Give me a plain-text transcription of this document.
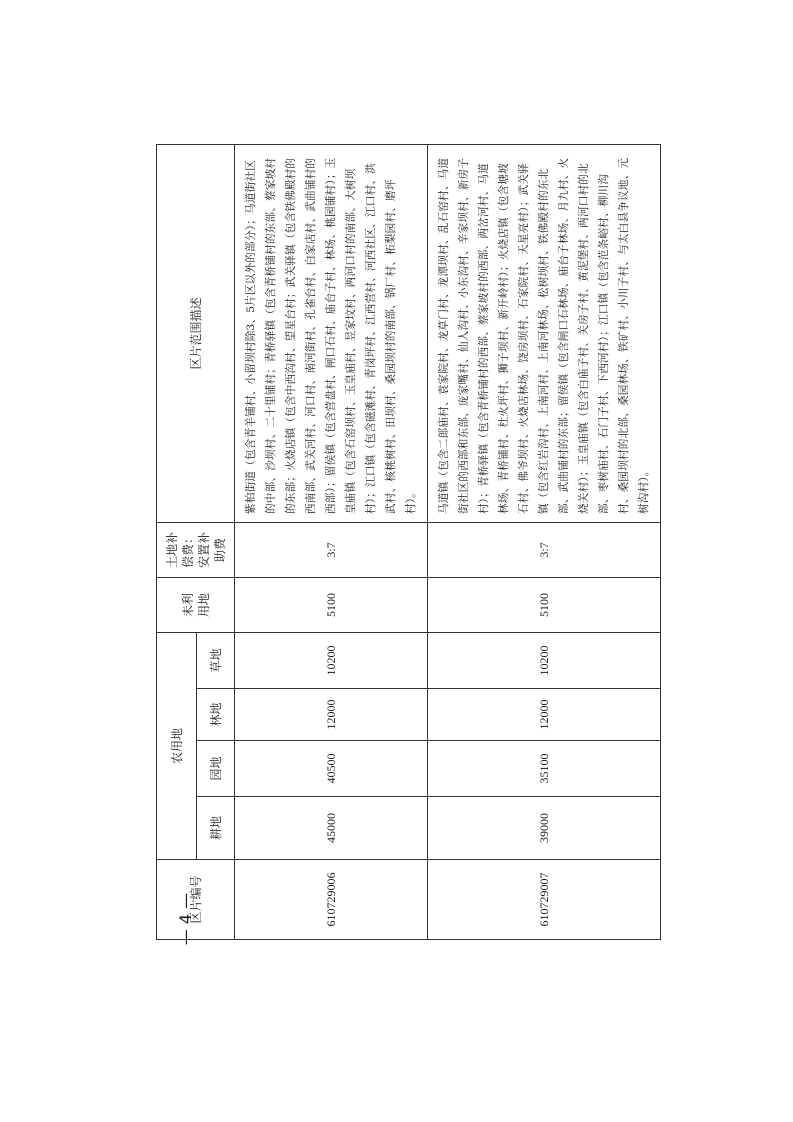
区片编号	农用地				未利用地	土地补偿费：安置补助费	区片范围描述
	耕地	园地	林地	草地			
610729006	45000	40500	12000	10200	5100	3:7	紫柏街道（包含青羊铺村、小留坝村除3、5片区以外的部分）；马道街社区的中部、沙坝村、二十里铺村；青桥驿镇（包含青桥铺村的东部、蔡家坡村的东部；火烧店镇（包含中西沟村、望星台村；武关驿镇（包含铁佛殿村的西南部、武关河村、河口村、南河街村、孔雀台村、白家店村、武曲铺村的西部）；留侯镇（包含营盘村、闸口石村、庙台子村、林场、桃园铺村）；玉皇庙镇（包含石窑坝村、玉皇庙村、昱家坟村、两河口村的南部、大树坝村）；江口镇（包含磁滩村、青岗坪村、江西营村、河西社区、江口村、洪武村、核桃树村、田坝村、桑园坝村的南部、锅厂村、柘梨园村、磨坪村）。
610729007	39000	35100	12000	10200	5100	3:7	马道镇（包含二郎庙村、袁家院村、龙草门村、龙潭坝村、乱石窑村、马道街社区的西部和东部、庞家嘴村、仙人沟村、小东沟村、辛家坝村、新房子村）；青桥驿镇（包含青桥铺村的西部、蔡家坡村的西部、两岔河村、马道林场、青桥铺村、杜火坪村、狮子坝村、新开岭村）；火烧店镇（包含塘坡石村、佛爷坝村、火烧店林场、饶房坝村、石家院村、天星亮村）；武关驿镇（包含红岩沟村、上南河村、上南河林场、松树坝村、铁佛殿村的东北部、武曲铺村的东部；留侯镇（包含闸口石林场、庙台子林场、月九村、火烧关村）；玉皇庙镇（包含白庙子村、关房子村、黄泥堡村、两河口村的北部、枣树庙村、石门子村、下西河村）；江口镇（包含范条峪村、柳川沟村、桑园坝村的北部、桑园林场、铁矿村、小川子村、与太白县争议地、元树沟村）。
— 4 —
